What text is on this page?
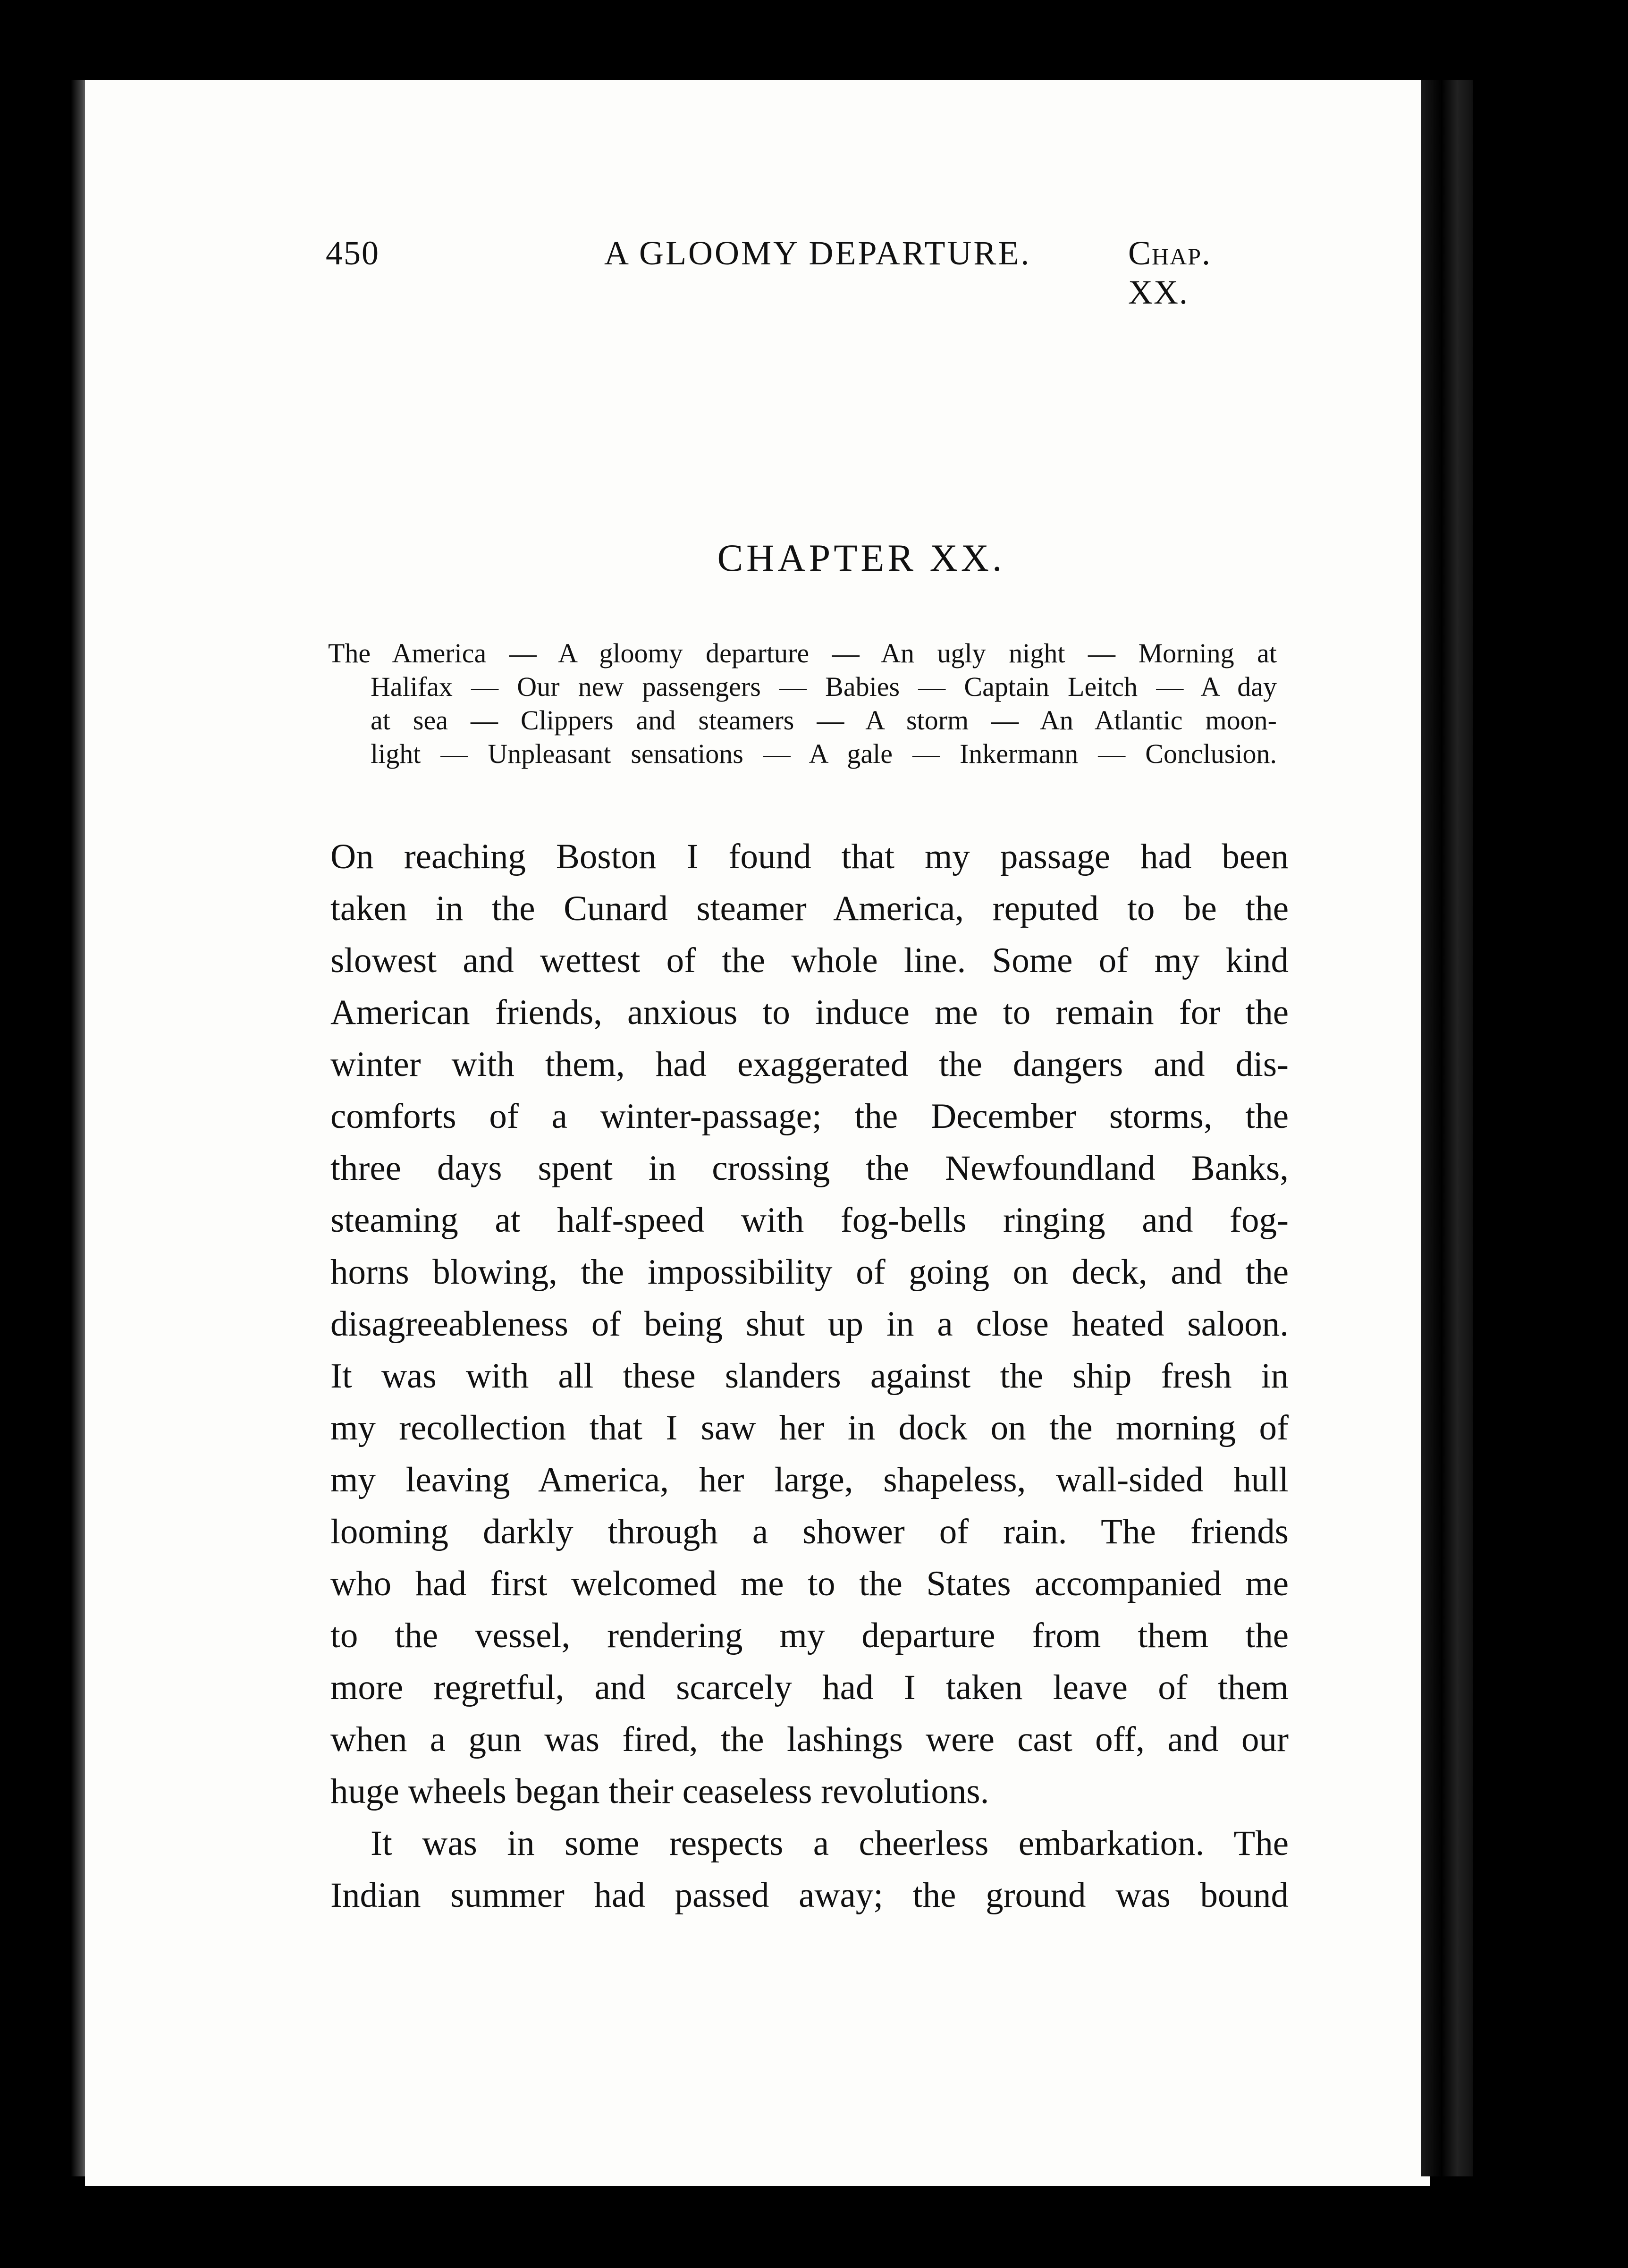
450	A GLOOMY DEPARTURE.	Chap. XX.
CHAPTER XX.
The America — A gloomy departure — An ugly night — Morning at
Halifax — Our new passengers — Babies — Captain Leitch — A day
at sea — Clippers and steamers — A storm — An Atlantic moon-
light — Unpleasant sensations — A gale — Inkermann — Conclusion.
On reaching Boston I found that my passage had been
taken in the Cunard steamer America, reputed to be the
slowest and wettest of the whole line. Some of my kind
American friends, anxious to induce me to remain for the
winter with them, had exaggerated the dangers and dis-
comforts of a winter-passage; the December storms, the
three days spent in crossing the Newfoundland Banks,
steaming at half-speed with fog-bells ringing and fog-
horns blowing, the impossibility of going on deck, and the
disagreeableness of being shut up in a close heated saloon.
It was with all these slanders against the ship fresh in
my recollection that I saw her in dock on the morning of
my leaving America, her large, shapeless, wall-sided hull
looming darkly through a shower of rain. The friends
who had first welcomed me to the States accompanied me
to the vessel, rendering my departure from them the
more regretful, and scarcely had I taken leave of them
when a gun was fired, the lashings were cast off, and our
huge wheels began their ceaseless revolutions.
It was in some respects a cheerless embarkation. The
Indian summer had passed away; the ground was bound
